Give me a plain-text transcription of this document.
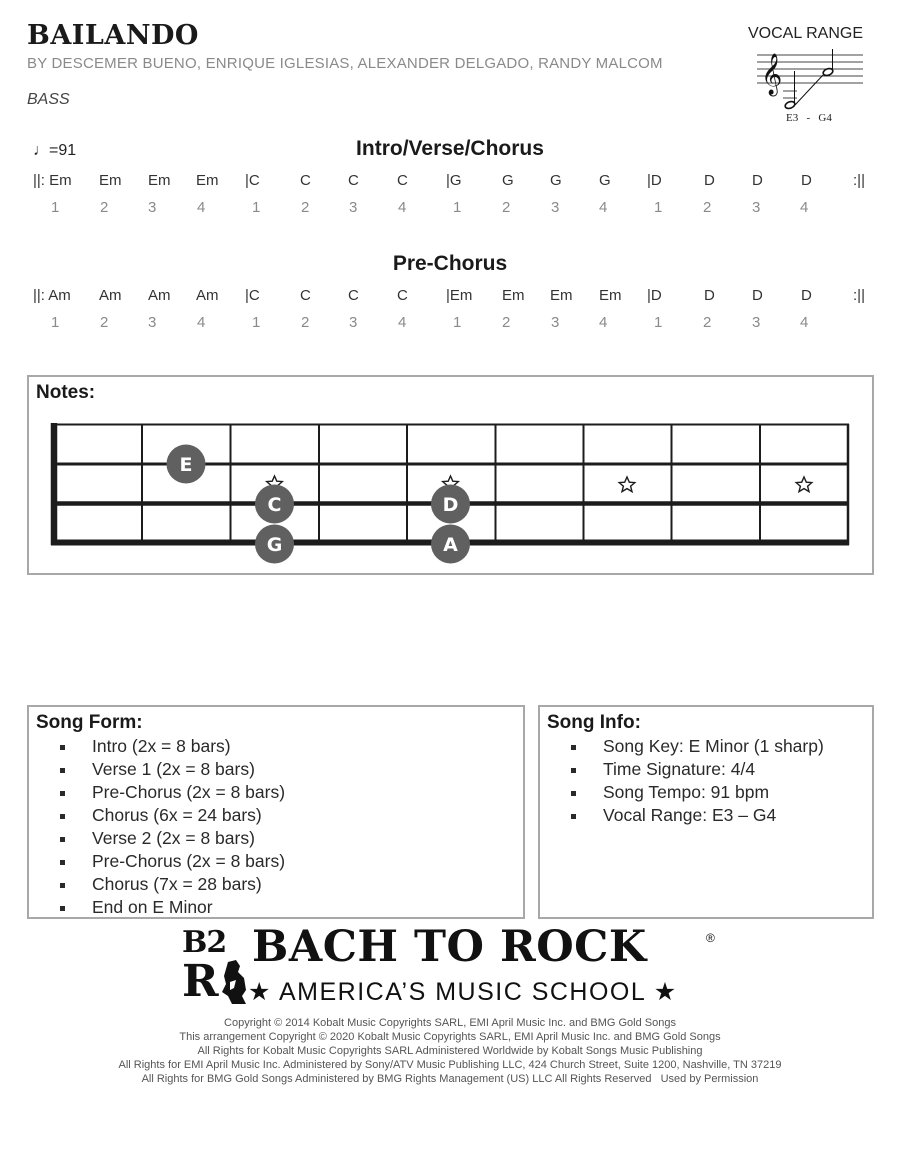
BAILANDO
BY DESCEMER BUENO, ENRIQUE IGLESIAS, ALEXANDER DELGADO, RANDY MALCOM
BASS
VOCAL RANGE
𝄞
E3   -   G4
♩=91	Intro/Verse/Chorus
||: Em Em Em Em |C	C C	C	|G	G G G |D	D D	D	:||
1	2	3	4	1	2	3	4	1	2	3	4	1	2	3	4
Pre-Chorus
||: Am Am Am Am |C	C C	C	|Em Em Em Em |D	D D	D	:||
1	2	3	4	1	2	3	4	1	2	3	4	1	2	3	4
Notes:
E
C
G
D
A
Song Form:
Intro (2x = 8 bars)
Verse 1 (2x = 8 bars)
Pre-Chorus (2x = 8 bars)
Chorus (6x = 24 bars)
Verse 2 (2x = 8 bars)
Pre-Chorus (2x = 8 bars)
Chorus (7x = 28 bars)
End on E Minor
Song Info:
Song Key: E Minor (1 sharp)
Time Signature: 4/4
Song Tempo: 91 bpm
Vocal Range: E3 – G4
B2
R
BACH TO ROCK	®
★ AMERICA’S MUSIC SCHOOL ★
Copyright © 2014 Kobalt Music Copyrights SARL, EMI April Music Inc. and BMG Gold Songs
This arrangement Copyright © 2020 Kobalt Music Copyrights SARL, EMI April Music Inc. and BMG Gold Songs
All Rights for Kobalt Music Copyrights SARL Administered Worldwide by Kobalt Songs Music Publishing
All Rights for EMI April Music Inc. Administered by Sony/ATV Music Publishing LLC, 424 Church Street, Suite 1200, Nashville, TN 37219
All Rights for BMG Gold Songs Administered by BMG Rights Management (US) LLC All Rights Reserved   Used by Permission
